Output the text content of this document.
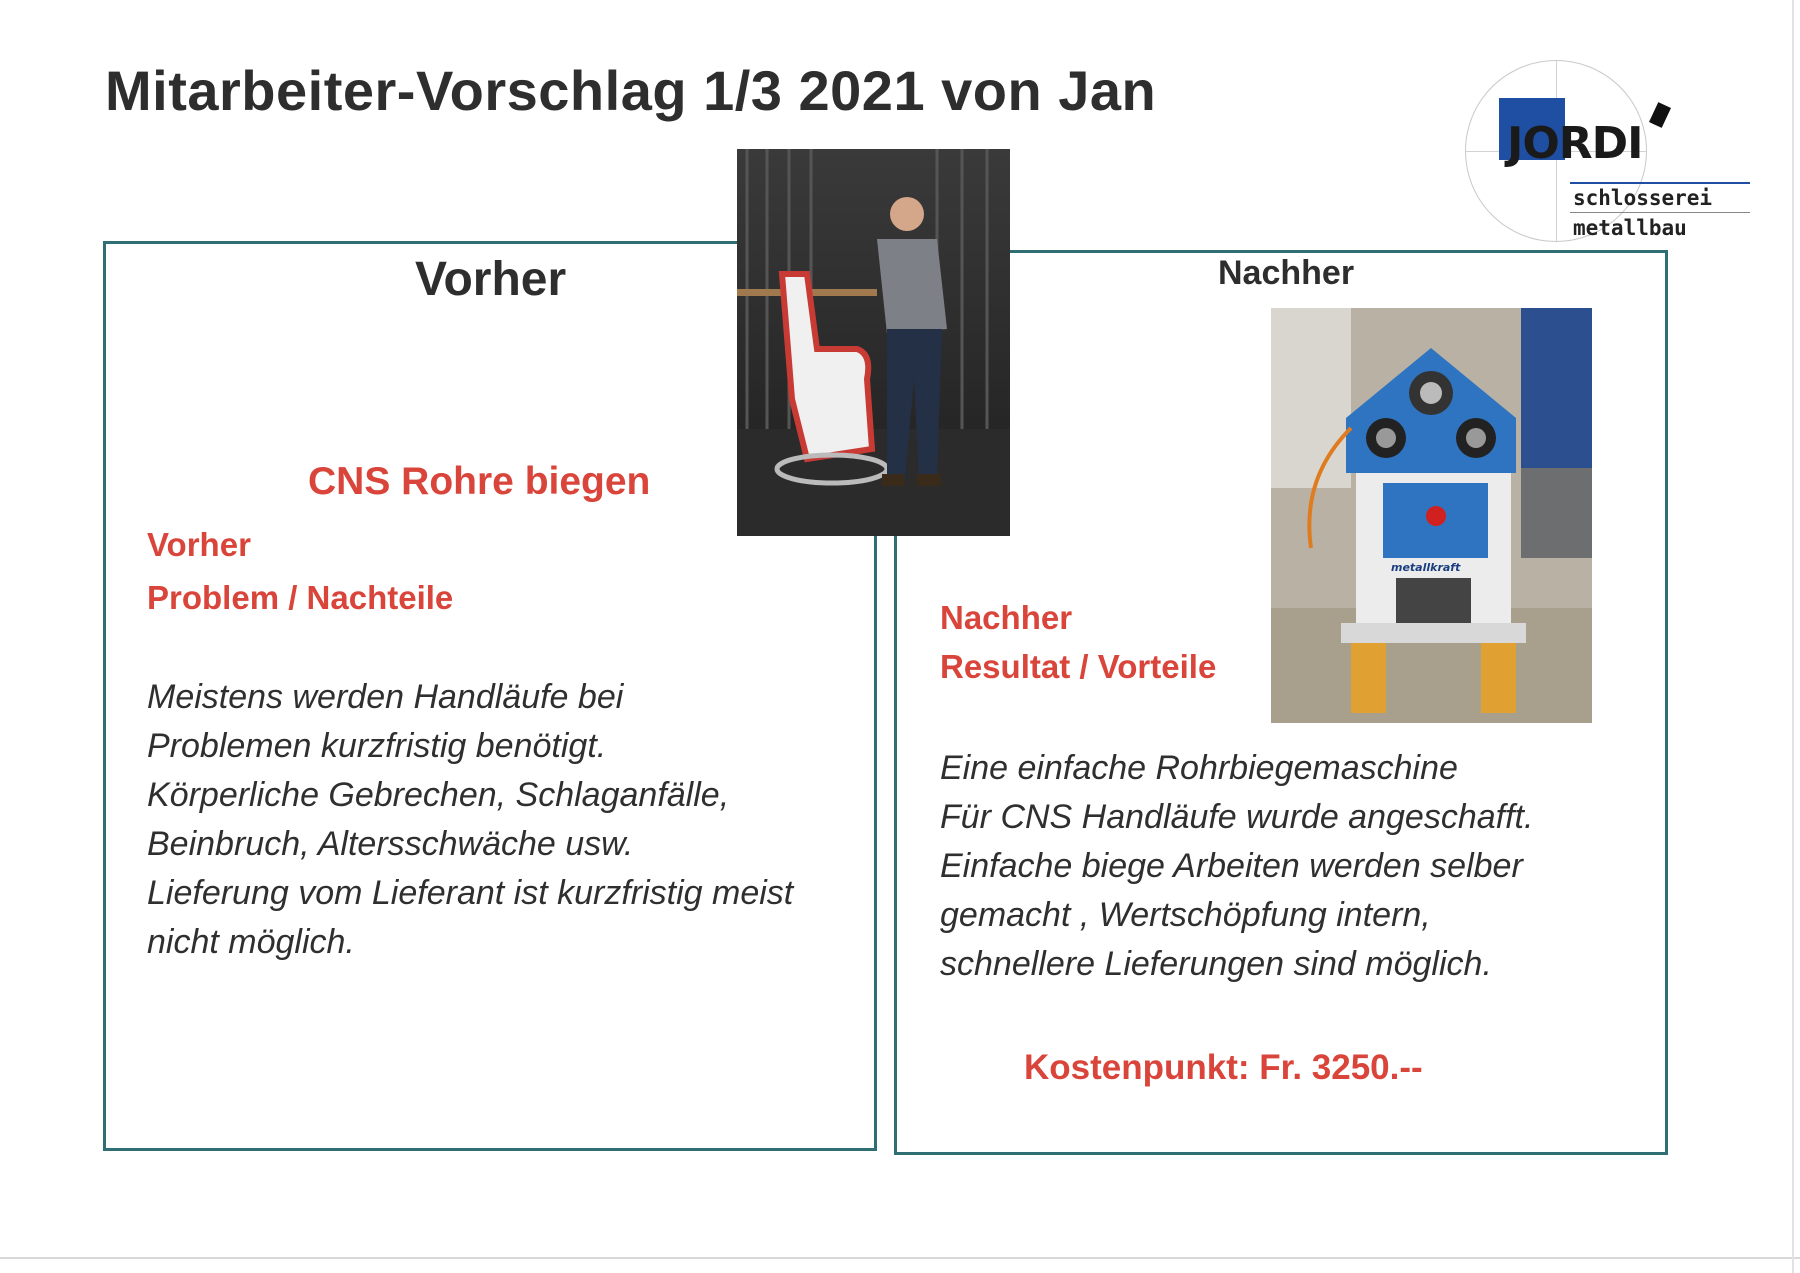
Mitarbeiter-Vorschlag 1/3 2021 von Jan
JORDI
schlosserei
metallbau
Vorher	Nachher
CNS Rohre biegen
Vorher
Problem / Nachteile
Meistens werden Handläufe bei
Problemen kurzfristig benötigt.
Körperliche Gebrechen, Schlaganfälle,
Beinbruch, Altersschwäche usw.
Lieferung vom Lieferant ist kurzfristig meist
nicht möglich.
Nachher
Resultat / Vorteile
Eine einfache Rohrbiegemaschine
Für CNS Handläufe wurde angeschafft.
Einfache biege Arbeiten werden selber
gemacht , Wertschöpfung intern,
schnellere Lieferungen sind möglich.
Kostenpunkt: Fr. 3250.--
metallkraft
